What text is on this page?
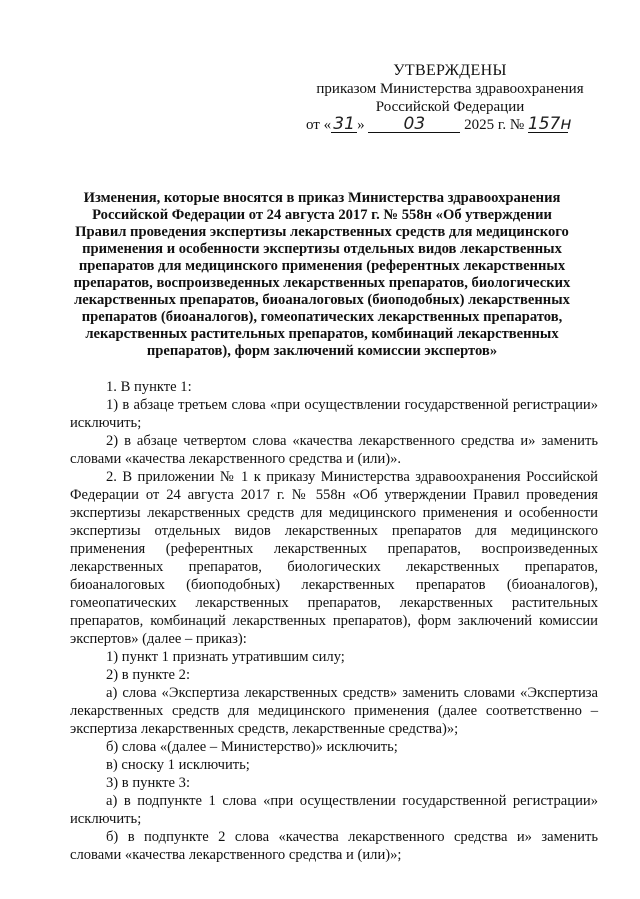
УТВЕРЖДЕНЫ
приказом Министерства здравоохранения
Российской Федерации
от « 31 » 03	2025 г. № 157н
Изменения, которые вносятся в приказ Министерства здравоохранения Российской Федерации от 24 августа 2017 г. № 558н «Об утверждении Правил проведения экспертизы лекарственных средств для медицинского применения и особенности экспертизы отдельных видов лекарственных препаратов для медицинского применения (референтных лекарственных препаратов, воспроизведенных лекарственных препаратов, биологических лекарственных препаратов, биоаналоговых (биоподобных) лекарственных препаратов (биоаналогов), гомеопатических лекарственных препаратов, лекарственных растительных препаратов, комбинаций лекарственных препаратов), форм заключений комиссии экспертов»

1. В пункте 1:

1) в абзаце третьем слова «при осуществлении государственной регистрации» исключить;

2) в абзаце четвертом слова «качества лекарственного средства и» заменить словами «качества лекарственного средства и (или)».

2. В приложении № 1 к приказу Министерства здравоохранения Российской Федерации от 24 августа 2017 г. № 558н «Об утверждении Правил проведения экспертизы лекарственных средств для медицинского применения и особенности экспертизы отдельных видов лекарственных препаратов для медицинского применения (референтных лекарственных препаратов, воспроизведенных лекарственных препаратов, биологических лекарственных препаратов, биоаналоговых (биоподобных) лекарственных препаратов (биоаналогов), гомеопатических лекарственных препаратов, лекарственных растительных препаратов, комбинаций лекарственных препаратов), форм заключений комиссии экспертов» (далее – приказ):

1) пункт 1 признать утратившим силу;

2) в пункте 2:

а) слова «Экспертиза лекарственных средств» заменить словами «Экспертиза лекарственных средств для медицинского применения (далее соответственно – экспертиза лекарственных средств, лекарственные средства)»;

б) слова «(далее – Министерство)» исключить;

в) сноску 1 исключить;

3) в пункте 3:

а) в подпункте 1 слова «при осуществлении государственной регистрации» исключить;

б) в подпункте 2 слова «качества лекарственного средства и» заменить словами «качества лекарственного средства и (или)»;
